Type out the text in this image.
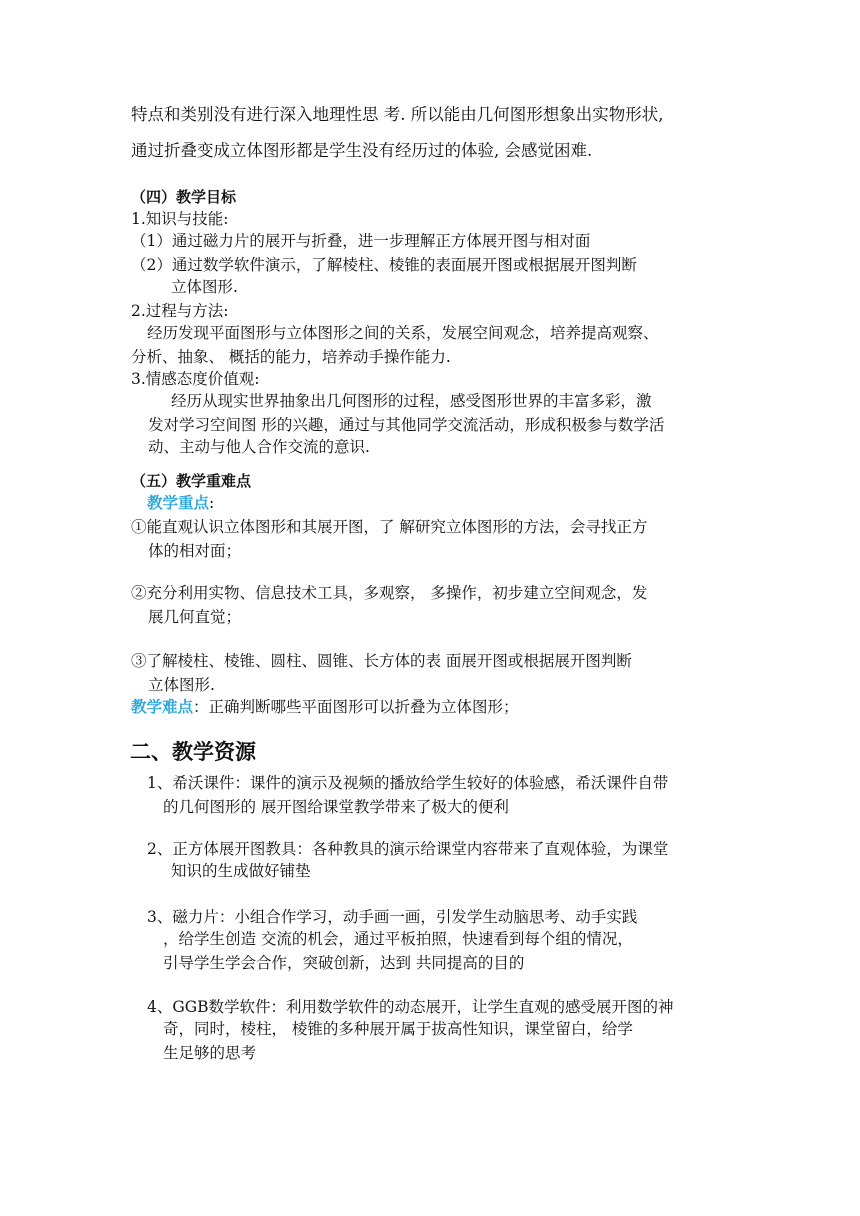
特点和类别没有进行深入地理性思 考. 所以能由几何图形想象出实物形状,

通过折叠变成立体图形都是学生没有经历过的体验, 会感觉困难.

（四）教学目标

1.知识与技能:

（1）通过磁力片的展开与折叠，进一步理解正方体展开图与相对面

（2）通过数学软件演示，了解棱柱、棱锥的表面展开图或根据展开图判断

立体图形.

2.过程与方法:

经历发现平面图形与立体图形之间的关系，发展空间观念，培养提高观察、

分析、抽象、 概括的能力，培养动手操作能力.

3.情感态度价值观:

经历从现实世界抽象出几何图形的过程，感受图形世界的丰富多彩，激

发对学习空间图 形的兴趣，通过与其他同学交流活动，形成积极参与数学活

动、主动与他人合作交流的意识.

（五）教学重难点

教学重点:

①能直观认识立体图形和其展开图，了 解研究立体图形的方法，会寻找正方

体的相对面；

②充分利用实物、信息技术工具，多观察， 多操作，初步建立空间观念，发

展几何直觉；

③了解棱柱、棱锥、圆柱、圆锥、长方体的表 面展开图或根据展开图判断

立体图形.

教学难点：正确判断哪些平面图形可以折叠为立体图形；

二、教学资源

1、希沃课件：课件的演示及视频的播放给学生较好的体验感，希沃课件自带

的几何图形的 展开图给课堂教学带来了极大的便利

2、正方体展开图教具：各种教具的演示给课堂内容带来了直观体验，为课堂

知识的生成做好铺垫

3、磁力片：小组合作学习，动手画一画，引发学生动脑思考、动手实践

，给学生创造 交流的机会，通过平板拍照，快速看到每个组的情况，

引导学生学会合作，突破创新，达到 共同提高的目的

4、GGB数学软件：利用数学软件的动态展开，让学生直观的感受展开图的神

奇，同时，棱柱， 棱锥的多种展开属于拔高性知识，课堂留白，给学

生足够的思考
